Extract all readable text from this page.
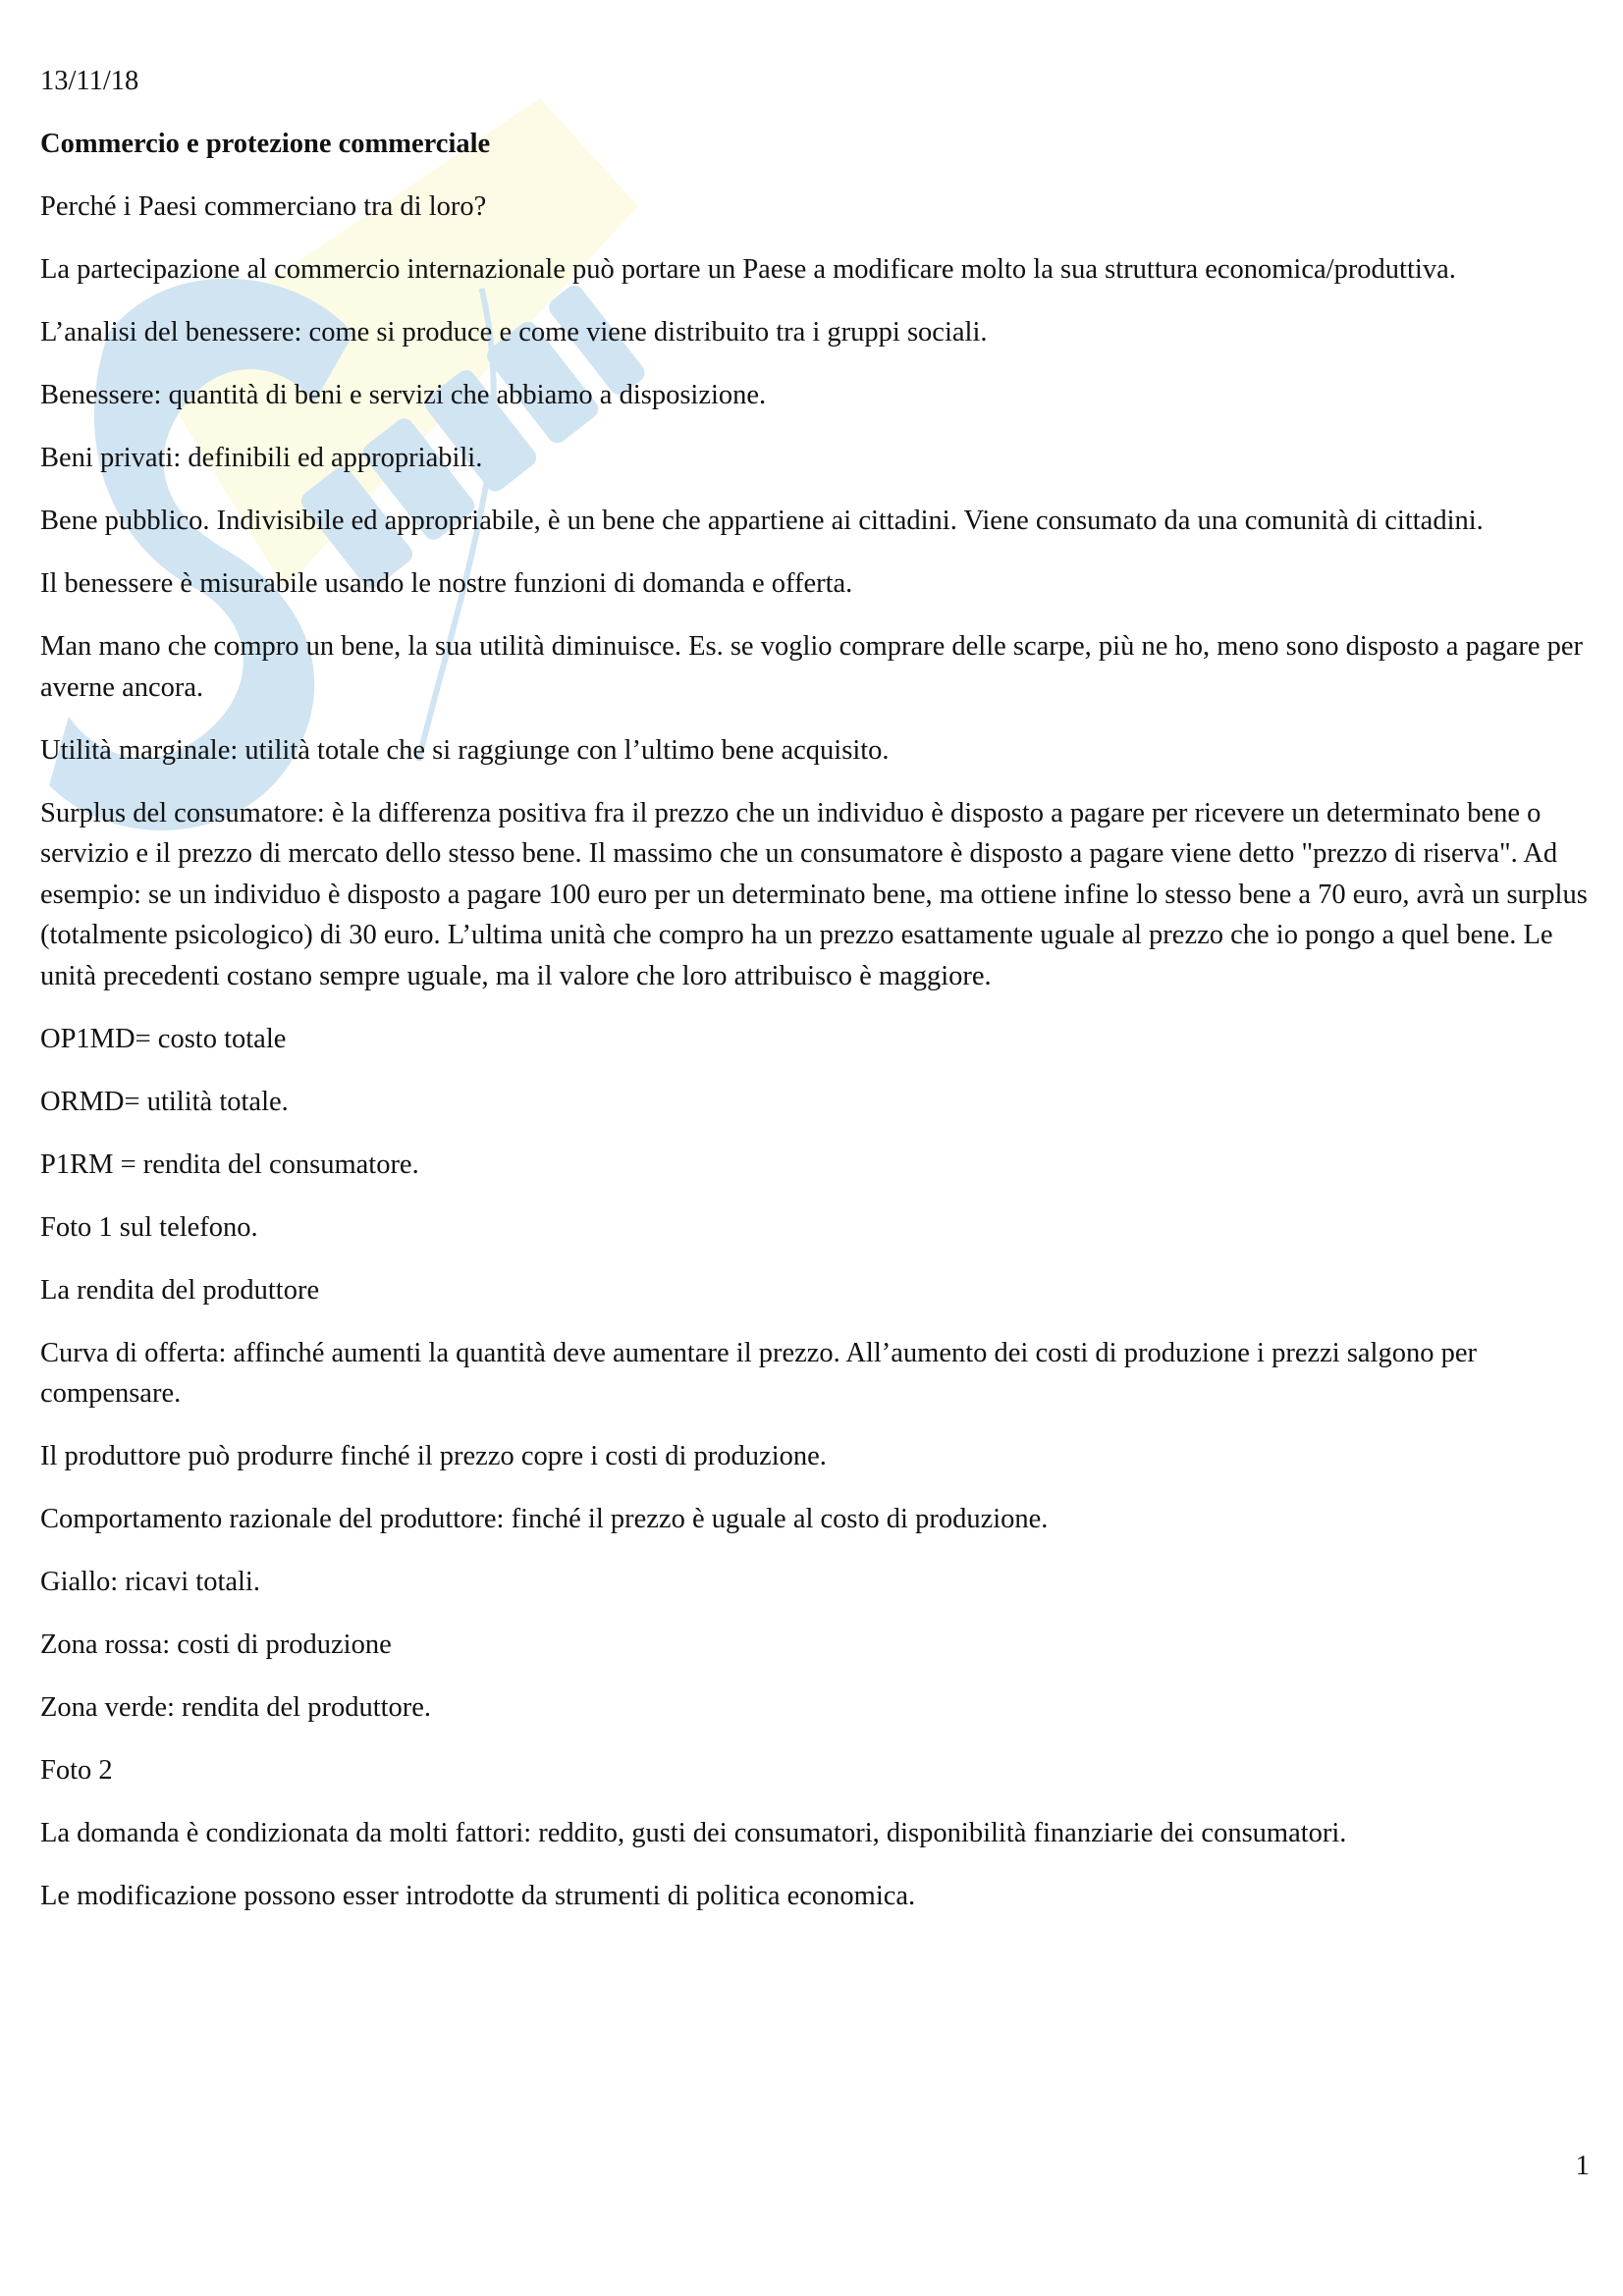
13/11/18

Commercio e protezione commerciale

Perché i Paesi commerciano tra di loro?

La partecipazione al commercio internazionale può portare un Paese a modificare molto la sua struttura economica/produttiva.

L’analisi del benessere: come si produce e come viene distribuito tra i gruppi sociali.

Benessere: quantità di beni e servizi che abbiamo a disposizione.

Beni privati: definibili ed appropriabili.

Bene pubblico. Indivisibile ed appropriabile, è un bene che appartiene ai cittadini. Viene consumato da una comunità di cittadini.

Il benessere è misurabile usando le nostre funzioni di domanda e offerta.

Man mano che compro un bene, la sua utilità diminuisce. Es. se voglio comprare delle scarpe, più ne ho, meno sono disposto a pagare per averne ancora.

Utilità marginale: utilità totale che si raggiunge con l’ultimo bene acquisito.

Surplus del consumatore: è la differenza positiva fra il prezzo che un individuo è disposto a pagare per ricevere un determinato bene o servizio e il prezzo di mercato dello stesso bene. Il massimo che un consumatore è disposto a pagare viene detto "prezzo di riserva". Ad esempio: se un individuo è disposto a pagare 100 euro per un determinato bene, ma ottiene infine lo stesso bene a 70 euro, avrà un surplus (totalmente psicologico) di 30 euro. L’ultima unità che compro ha un prezzo esattamente uguale al prezzo che io pongo a quel bene. Le unità precedenti costano sempre uguale, ma il valore che loro attribuisco è maggiore.

OP1MD= costo totale

ORMD= utilità totale.

P1RM = rendita del consumatore.

Foto 1 sul telefono.

La rendita del produttore

Curva di offerta: affinché aumenti la quantità deve aumentare il prezzo. All’aumento dei costi di produzione i prezzi salgono per compensare.

Il produttore può produrre finché il prezzo copre i costi di produzione.

Comportamento razionale del produttore: finché il prezzo è uguale al costo di produzione.

Giallo: ricavi totali.

Zona rossa: costi di produzione

Zona verde: rendita del produttore.

Foto 2

La domanda è condizionata da molti fattori: reddito, gusti dei consumatori, disponibilità finanziarie dei consumatori.

Le modificazione possono esser introdotte da strumenti di politica economica.

1
